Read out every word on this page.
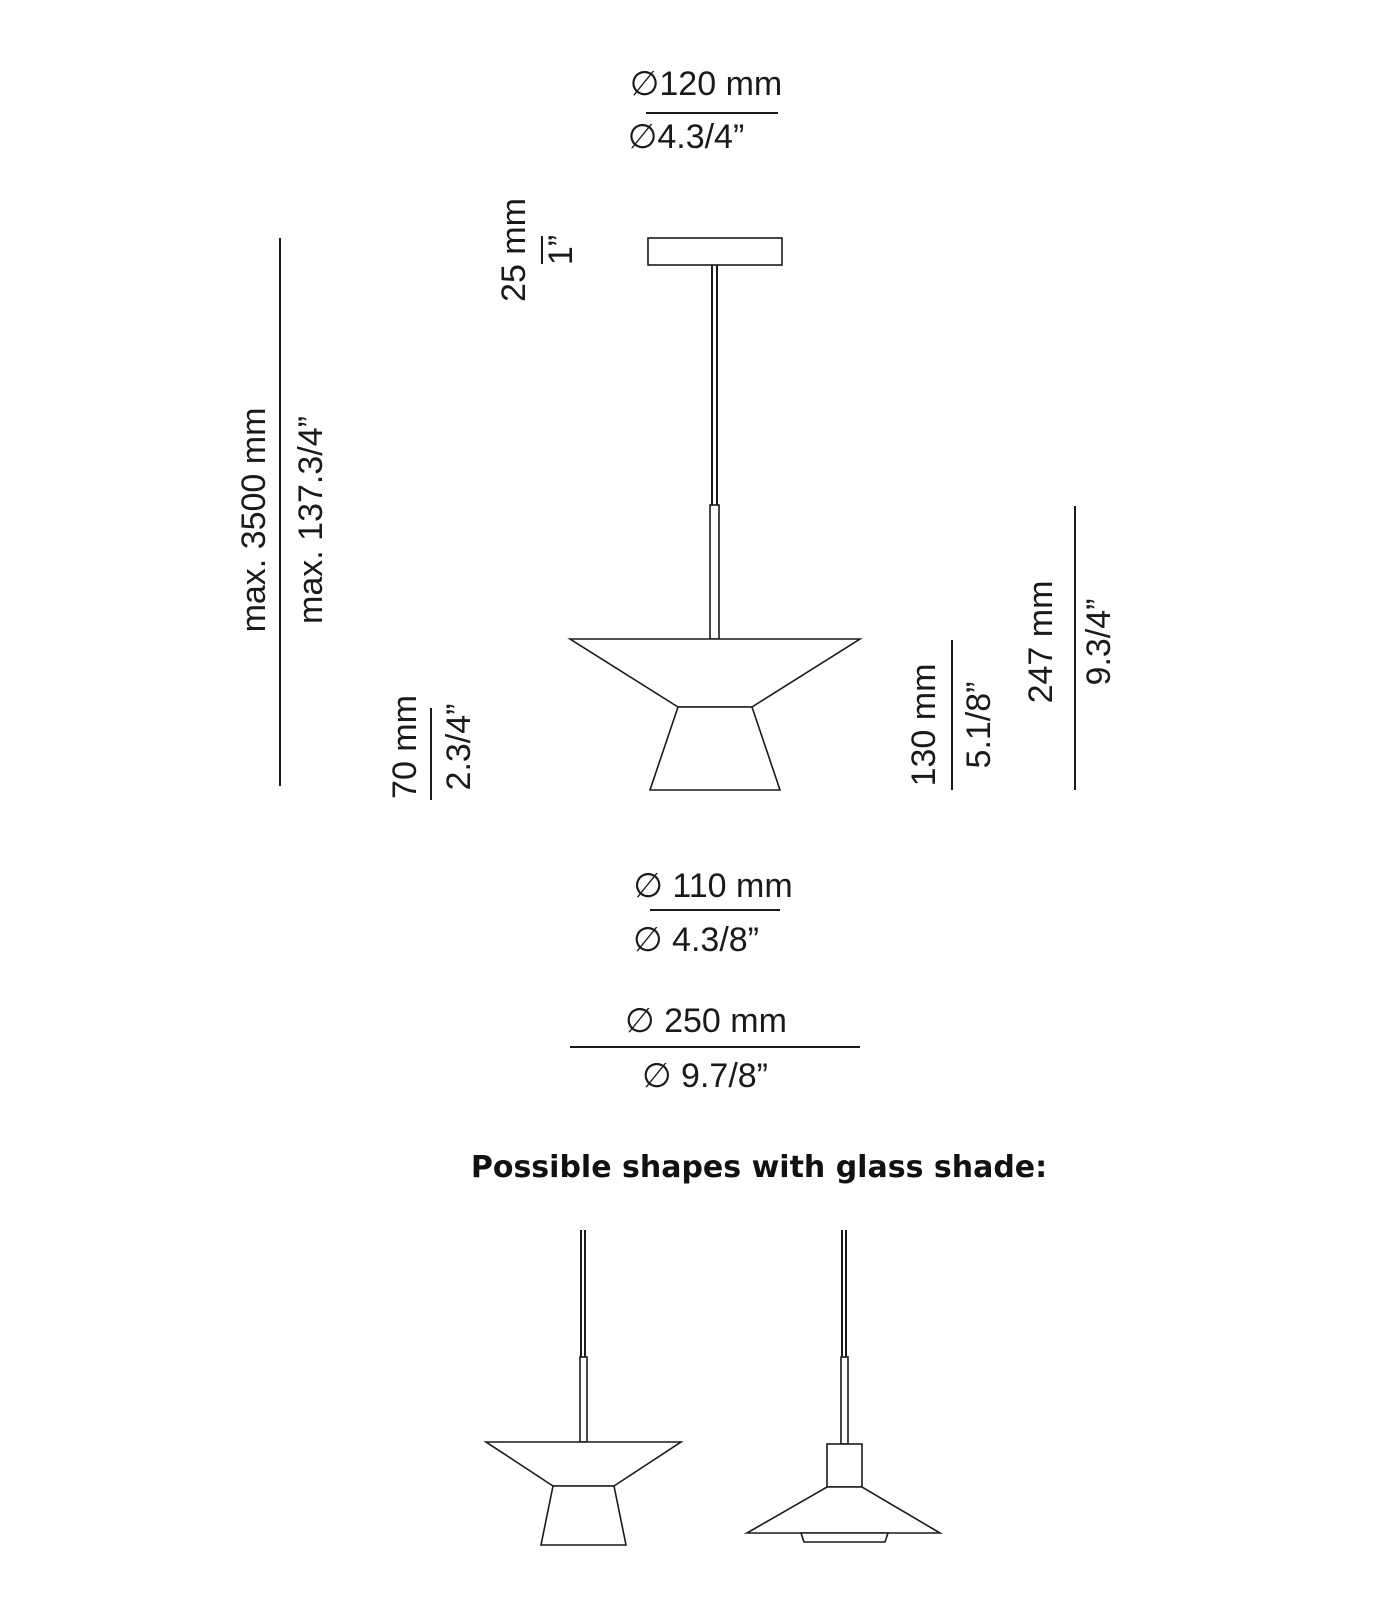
∅120 mm
∅4.3/4”
25 mm 1”
max. 3500 mm max. 137.3/4”
70 mm 2.3/4”	130 mm 5.1/8”
247 mm 9.3/4”
∅ 110 mm
∅ 4.3/8”
∅ 250 mm
∅ 9.7/8”
Possible shapes with glass shade:
